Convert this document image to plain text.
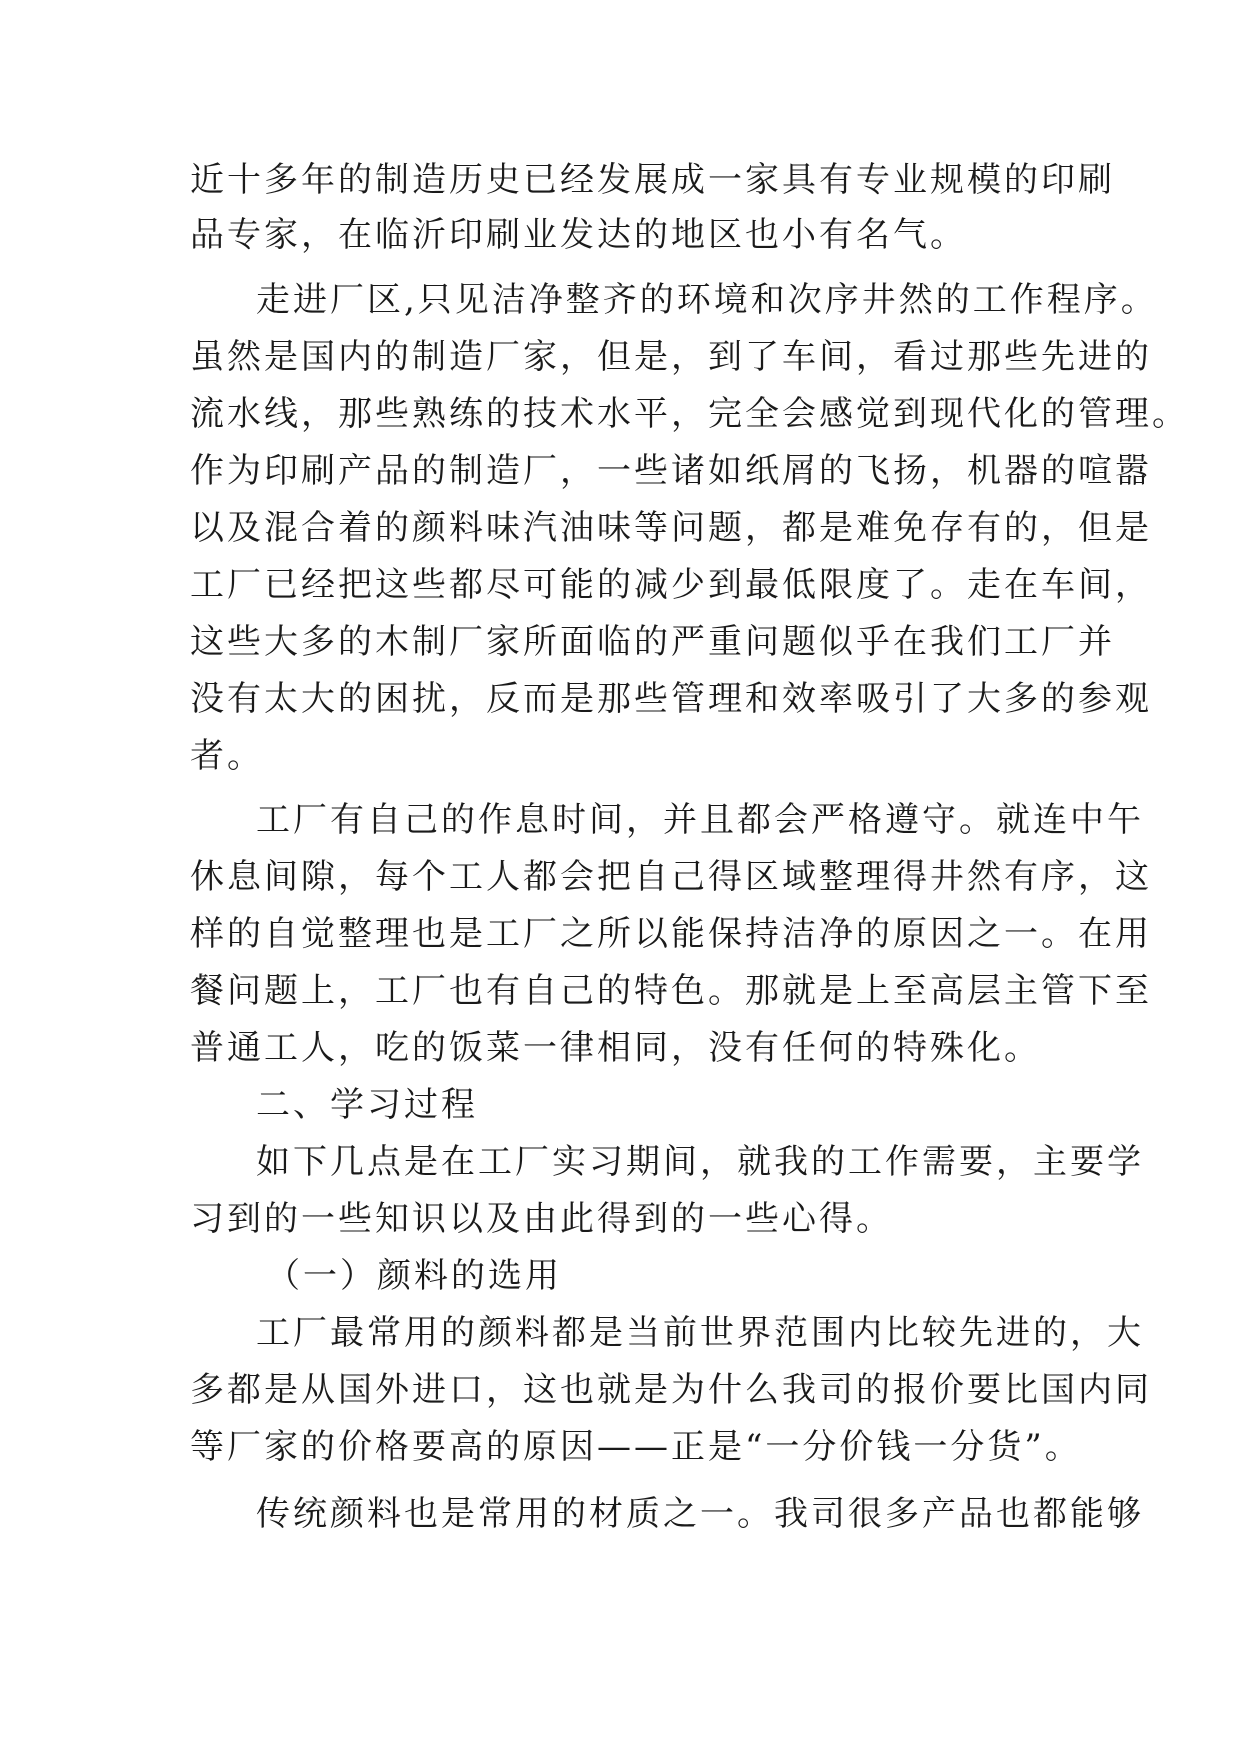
近十多年的制造历史已经发展成一家具有专业规模的印刷
品专家，在临沂印刷业发达的地区也小有名气。
走进厂区,只见洁净整齐的环境和次序井然的工作程序。
虽然是国内的制造厂家，但是，到了车间，看过那些先进的
流水线，那些熟练的技术水平，完全会感觉到现代化的管理。
作为印刷产品的制造厂，一些诸如纸屑的飞扬，机器的喧嚣
以及混合着的颜料味汽油味等问题，都是难免存有的，但是
工厂已经把这些都尽可能的减少到最低限度了。走在车间，
这些大多的木制厂家所面临的严重问题似乎在我们工厂并
没有太大的困扰，反而是那些管理和效率吸引了大多的参观
者。
工厂有自己的作息时间，并且都会严格遵守。就连中午
休息间隙，每个工人都会把自己得区域整理得井然有序，这
样的自觉整理也是工厂之所以能保持洁净的原因之一。在用
餐问题上，工厂也有自己的特色。那就是上至高层主管下至
普通工人，吃的饭菜一律相同，没有任何的特殊化。
二、学习过程
如下几点是在工厂实习期间，就我的工作需要，主要学
习到的一些知识以及由此得到的一些心得。
（一）颜料的选用
工厂最常用的颜料都是当前世界范围内比较先进的，大
多都是从国外进口，这也就是为什么我司的报价要比国内同
等厂家的价格要高的原因——正是“一分价钱一分货”。
传统颜料也是常用的材质之一。我司很多产品也都能够
